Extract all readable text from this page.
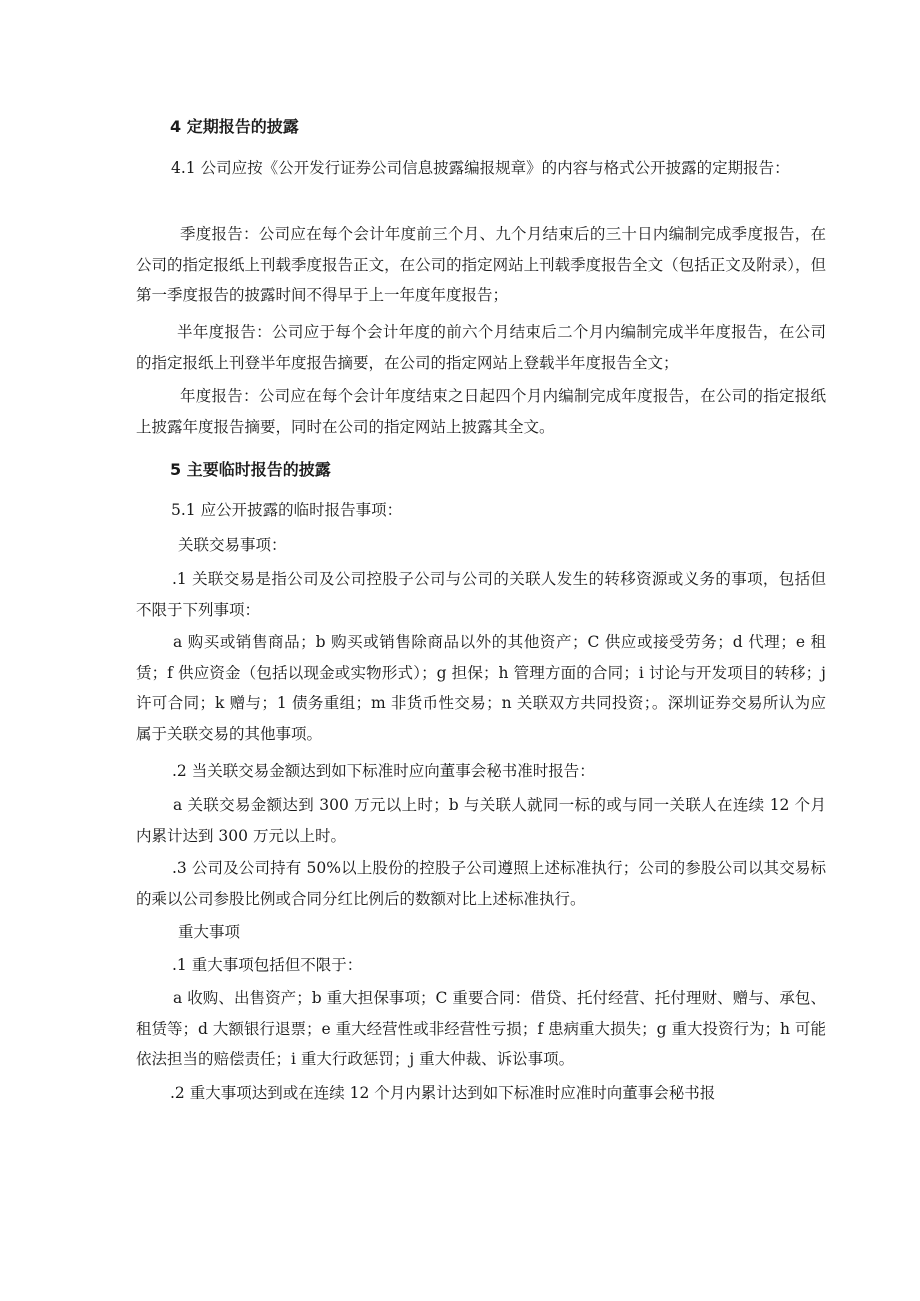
4 定期报告的披露

4.1 公司应按《公开发行证券公司信息披露编报规章》的内容与格式公开披露的定期报告：

季度报告：公司应在每个会计年度前三个月、九个月结束后的三十日内编制完成季度报告，在公司的指定报纸上刊载季度报告正文，在公司的指定网站上刊载季度报告全文（包括正文及附录），但第一季度报告的披露时间不得早于上一年度年度报告；

半年度报告：公司应于每个会计年度的前六个月结束后二个月内编制完成半年度报告，在公司的指定报纸上刊登半年度报告摘要，在公司的指定网站上登载半年度报告全文；

年度报告：公司应在每个会计年度结束之日起四个月内编制完成年度报告，在公司的指定报纸上披露年度报告摘要，同时在公司的指定网站上披露其全文。

5 主要临时报告的披露

5.1 应公开披露的临时报告事项：

关联交易事项：

.1 关联交易是指公司及公司控股子公司与公司的关联人发生的转移资源或义务的事项，包括但不限于下列事项：

a 购买或销售商品；b 购买或销售除商品以外的其他资产；C 供应或接受劳务；d 代理；e 租赁；f 供应资金（包括以现金或实物形式）；g 担保；h 管理方面的合同；i 讨论与开发项目的转移；j 许可合同；k 赠与；1 债务重组；m 非货币性交易；n 关联双方共同投资；。深圳证券交易所认为应属于关联交易的其他事项。

.2 当关联交易金额达到如下标准时应向董事会秘书准时报告：

a 关联交易金额达到 300 万元以上时；b 与关联人就同一标的或与同一关联人在连续 12 个月内累计达到 300 万元以上时。

.3 公司及公司持有 50%以上股份的控股子公司遵照上述标准执行；公司的参股公司以其交易标的乘以公司参股比例或合同分红比例后的数额对比上述标准执行。

重大事项

.1 重大事项包括但不限于：

a 收购、出售资产；b 重大担保事项；C 重要合同：借贷、托付经营、托付理财、赠与、承包、租赁等；d 大额银行退票；e 重大经营性或非经营性亏损；f 患病重大损失；g 重大投资行为；h 可能依法担当的赔偿责任；i 重大行政惩罚；j 重大仲裁、诉讼事项。

.2 重大事项达到或在连续 12 个月内累计达到如下标准时应准时向董事会秘书报
